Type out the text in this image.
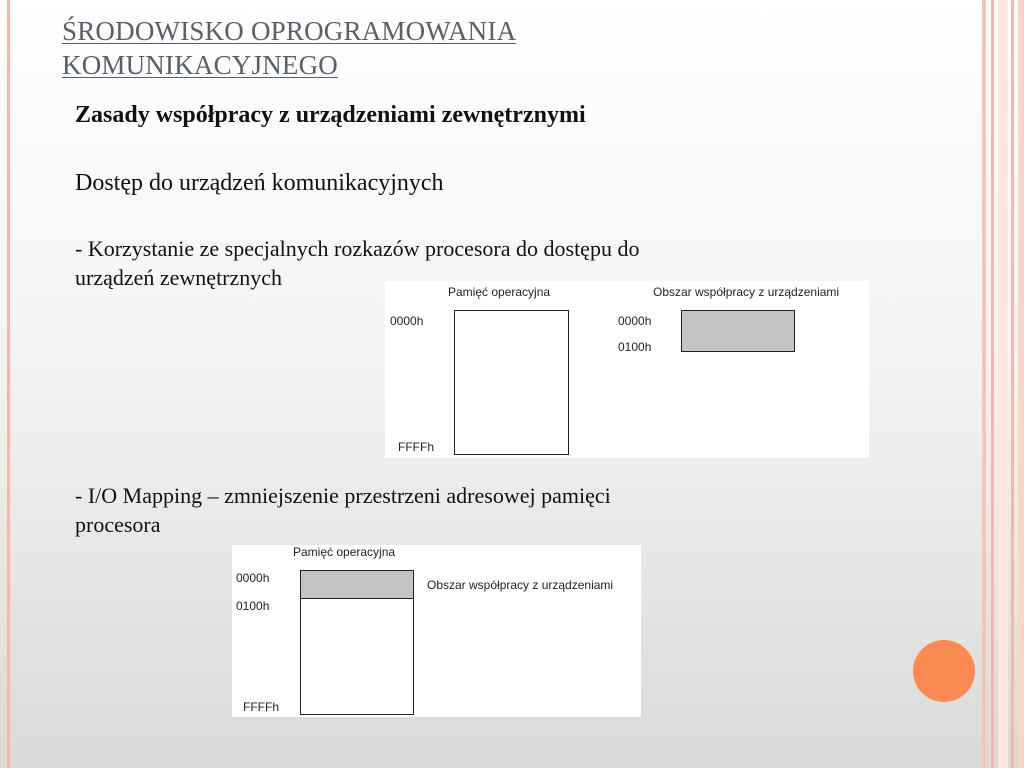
ŚRODOWISKO OPROGRAMOWANIA
KOMUNIKACYJNEGO
Zasady współpracy z urządzeniami zewnętrznymi

Dostęp do urządzeń komunikacyjnych

- Korzystanie ze specjalnych rozkazów procesora do dostępu do
urządzeń zewnętrznych

Pamięć operacyjna	Obszar współpracy z urządzeniami
0000h
FFFFh
0000h
0100h

- I/O Mapping – zmniejszenie przestrzeni adresowej pamięci
procesora

Pamięć operacyjna
0000h
0100h
FFFFh
Obszar współpracy z urządzeniami
